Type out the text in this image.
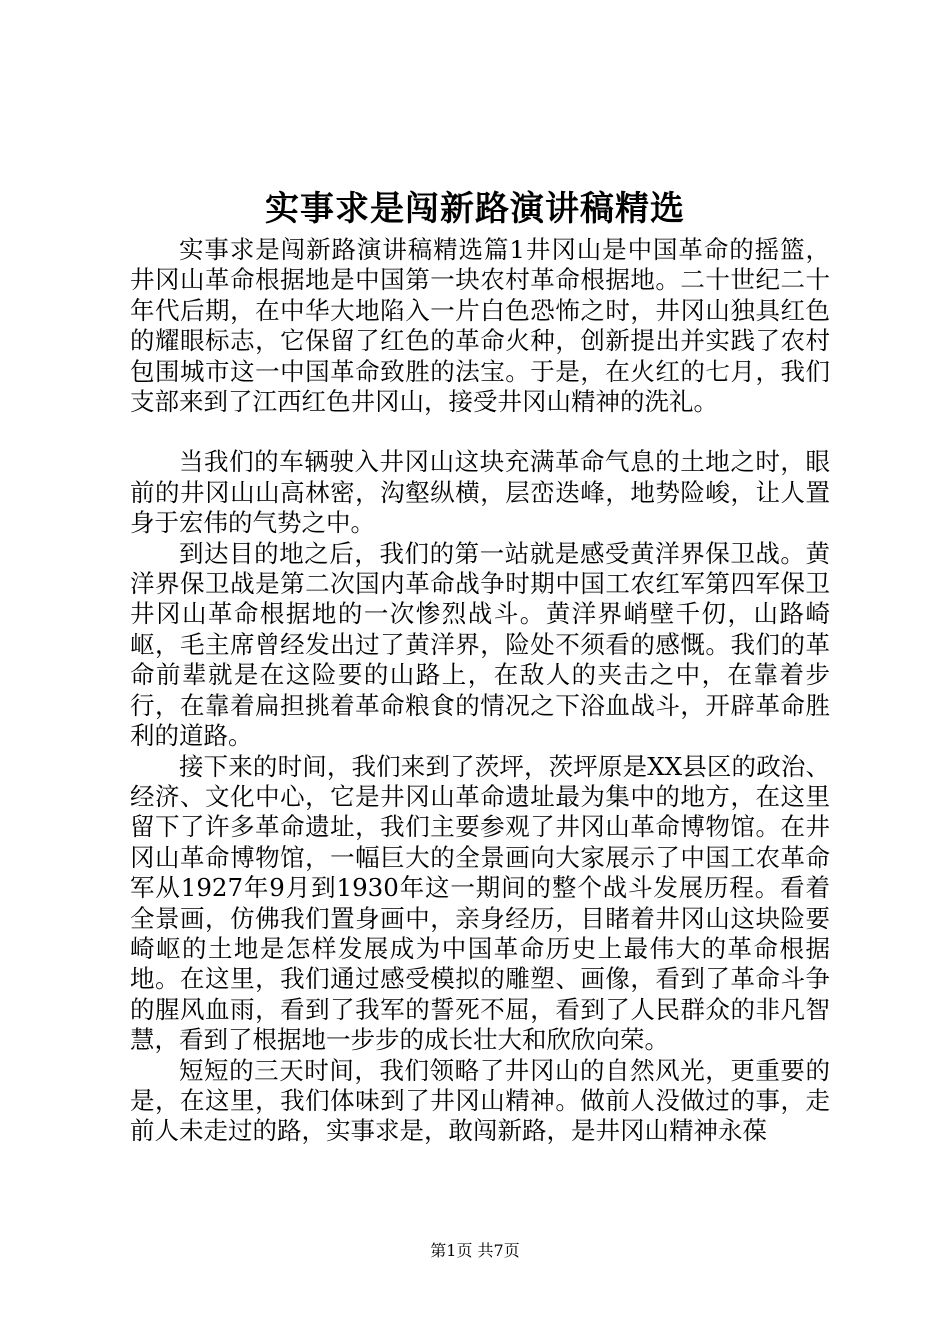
实事求是闯新路演讲稿精选

实事求是闯新路演讲稿精选篇1井冈山是中国革命的摇篮，井冈山革命根据地是中国第一块农村革命根据地。二十世纪二十年代后期，在中华大地陷入一片白色恐怖之时，井冈山独具红色的耀眼标志，它保留了红色的革命火种，创新提出并实践了农村包围城市这一中国革命致胜的法宝。于是，在火红的七月，我们支部来到了江西红色井冈山，接受井冈山精神的洗礼。

当我们的车辆驶入井冈山这块充满革命气息的土地之时，眼前的井冈山山高林密，沟壑纵横，层峦迭峰，地势险峻，让人置身于宏伟的气势之中。

到达目的地之后，我们的第一站就是感受黄洋界保卫战。黄洋界保卫战是第二次国内革命战争时期中国工农红军第四军保卫井冈山革命根据地的一次惨烈战斗。黄洋界峭壁千仞，山路崎岖，毛主席曾经发出过了黄洋界，险处不须看的感慨。我们的革命前辈就是在这险要的山路上，在敌人的夹击之中，在靠着步行，在靠着扁担挑着革命粮食的情况之下浴血战斗，开辟革命胜利的道路。

接下来的时间，我们来到了茨坪，茨坪原是XX县区的政治、经济、文化中心，它是井冈山革命遗址最为集中的地方，在这里留下了许多革命遗址，我们主要参观了井冈山革命博物馆。在井冈山革命博物馆，一幅巨大的全景画向大家展示了中国工农革命军从1927年9月到1930年这一期间的整个战斗发展历程。看着全景画，仿佛我们置身画中，亲身经历，目睹着井冈山这块险要崎岖的土地是怎样发展成为中国革命历史上最伟大的革命根据地。在这里，我们通过感受模拟的雕塑、画像，看到了革命斗争的腥风血雨，看到了我军的誓死不屈，看到了人民群众的非凡智慧，看到了根据地一步步的成长壮大和欣欣向荣。

短短的三天时间，我们领略了井冈山的自然风光，更重要的是，在这里，我们体味到了井冈山精神。做前人没做过的事，走前人未走过的路，实事求是，敢闯新路，是井冈山精神永葆

第1页 共7页
